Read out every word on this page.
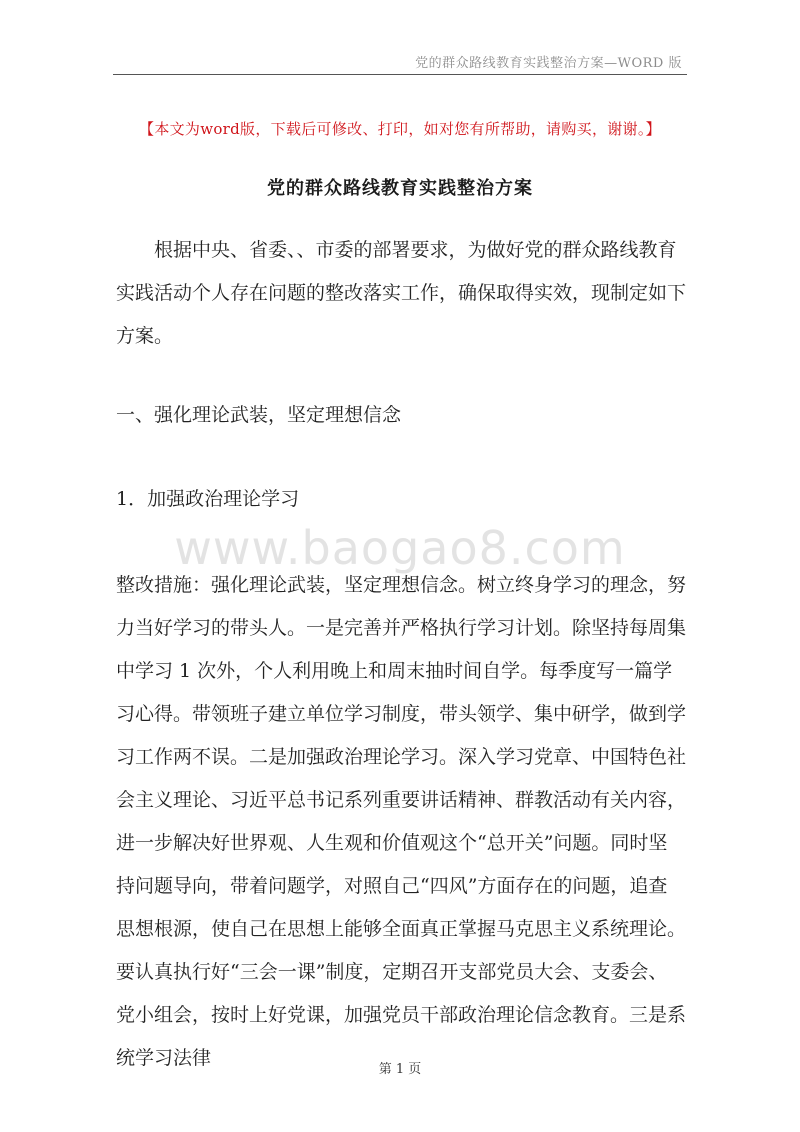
党的群众路线教育实践整治方案—WORD 版
【本文为word版，下载后可修改、打印，如对您有所帮助，请购买，谢谢。】
党的群众路线教育实践整治方案
根据中央、省委、、市委的部署要求，为做好党的群众路线教育实践活动个人存在问题的整改落实工作，确保取得实效，现制定如下方案。
一、强化理论武装，坚定理想信念
1．加强政治理论学习
www.baogao8.com
整改措施：强化理论武装，坚定理想信念。树立终身学习的理念，努力当好学习的带头人。一是完善并严格执行学习计划。除坚持每周集中学习 1 次外，个人利用晚上和周末抽时间自学。每季度写一篇学习心得。带领班子建立单位学习制度，带头领学、集中研学，做到学习工作两不误。二是加强政治理论学习。深入学习党章、中国特色社会主义理论、习近平总书记系列重要讲话精神、群教活动有关内容，进一步解决好世界观、人生观和价值观这个“总开关”问题。同时坚持问题导向，带着问题学，对照自己“四风”方面存在的问题，追查思想根源，使自己在思想上能够全面真正掌握马克思主义系统理论。要认真执行好“三会一课”制度，定期召开支部党员大会、支委会、党小组会，按时上好党课，加强党员干部政治理论信念教育。三是系统学习法律
第 1 页
